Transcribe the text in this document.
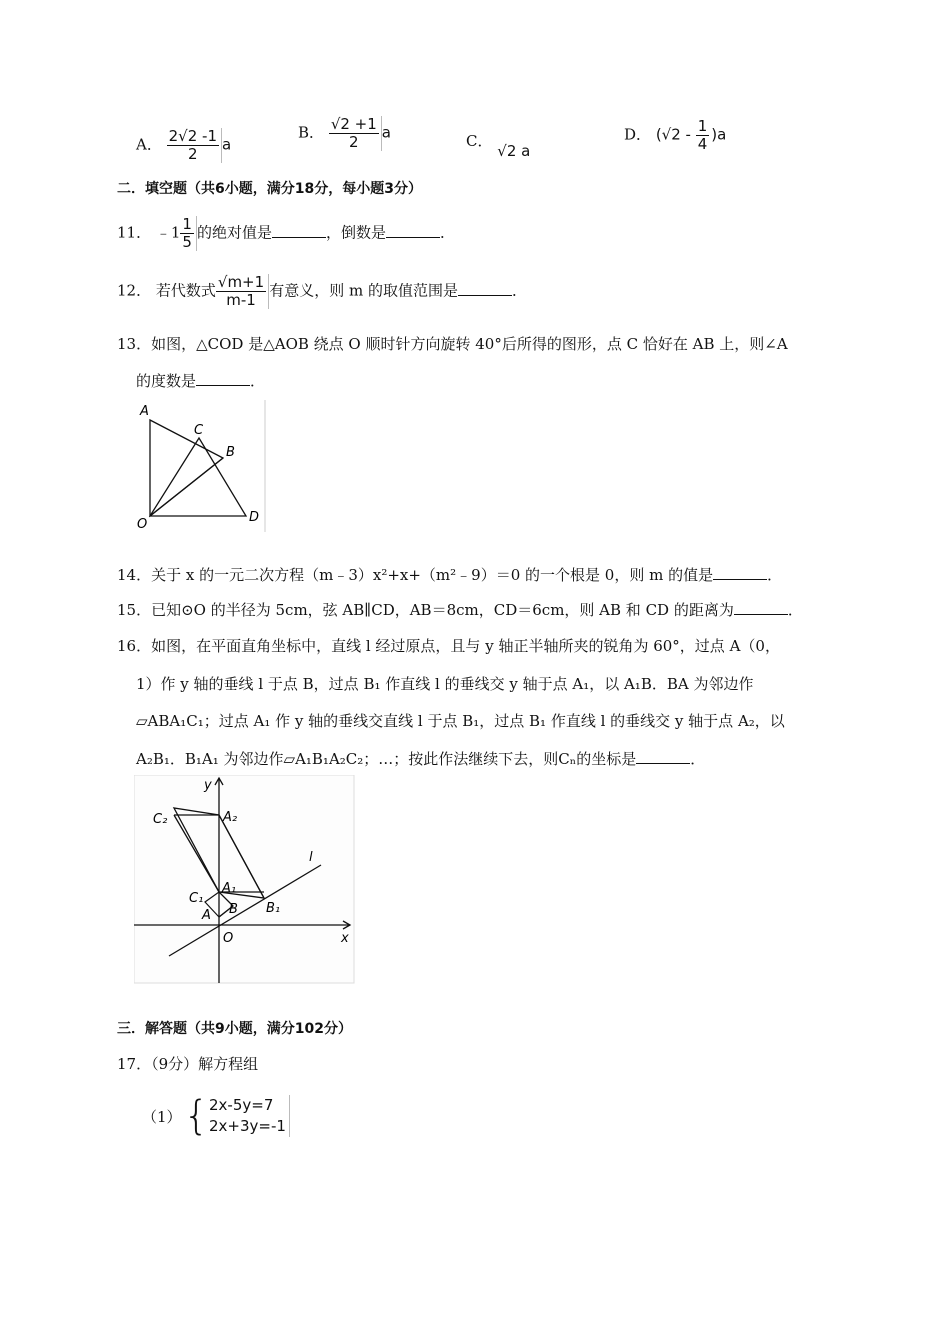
A． $\frac{2√2 -1}{2}$ a
B． $\frac{√2 +1}{2}$ a	C． √2 a
D． $(√2 - \frac{1}{4} )a$
二．填空题（共6小题，满分18分，每小题3分）
11． ﹣1 $\frac{1}{5}$ 的绝对值是	，倒数是	．
12． 若代数式 $\frac{√m+1}{m-1}$ 有意义，则 m 的取值范围是	．
13．如图，△COD 是△AOB 绕点 O 顺时针方向旋转 40°后所得的图形，点 C 恰好在 AB 上，则∠A
的度数是	．
A
C
B
O	D
14．关于 x 的一元二次方程（m﹣3）x²+x+（m²﹣9）＝0 的一个根是 0，则 m 的值是	．
15．已知⊙O 的半径为 5cm，弦 AB∥CD，AB＝8cm，CD＝6cm，则 AB 和 CD 的距离为	．
16．如图，在平面直角坐标中，直线 l 经过原点，且与 y 轴正半轴所夹的锐角为 60°，过点 A（0，
1）作 y 轴的垂线 l 于点 B，过点 B₁ 作直线 l 的垂线交 y 轴于点 A₁，以 A₁B．BA 为邻边作
▱ABA₁C₁；过点 A₁ 作 y 轴的垂线交直线 l 于点 B₁，过点 B₁ 作直线 l 的垂线交 y 轴于点 A₂，以
A₂B₁．B₁A₁ 为邻边作▱A₁B₁A₂C₂；…；按此作法继续下去，则Cₙ的坐标是	．
y
x
l
C₂	A₂
C₁
A₁
A B B₁
O
三．解答题（共9小题，满分102分）
17．（9分）解方程组
（1） { 2x-5y=7
2x+3y=-1
